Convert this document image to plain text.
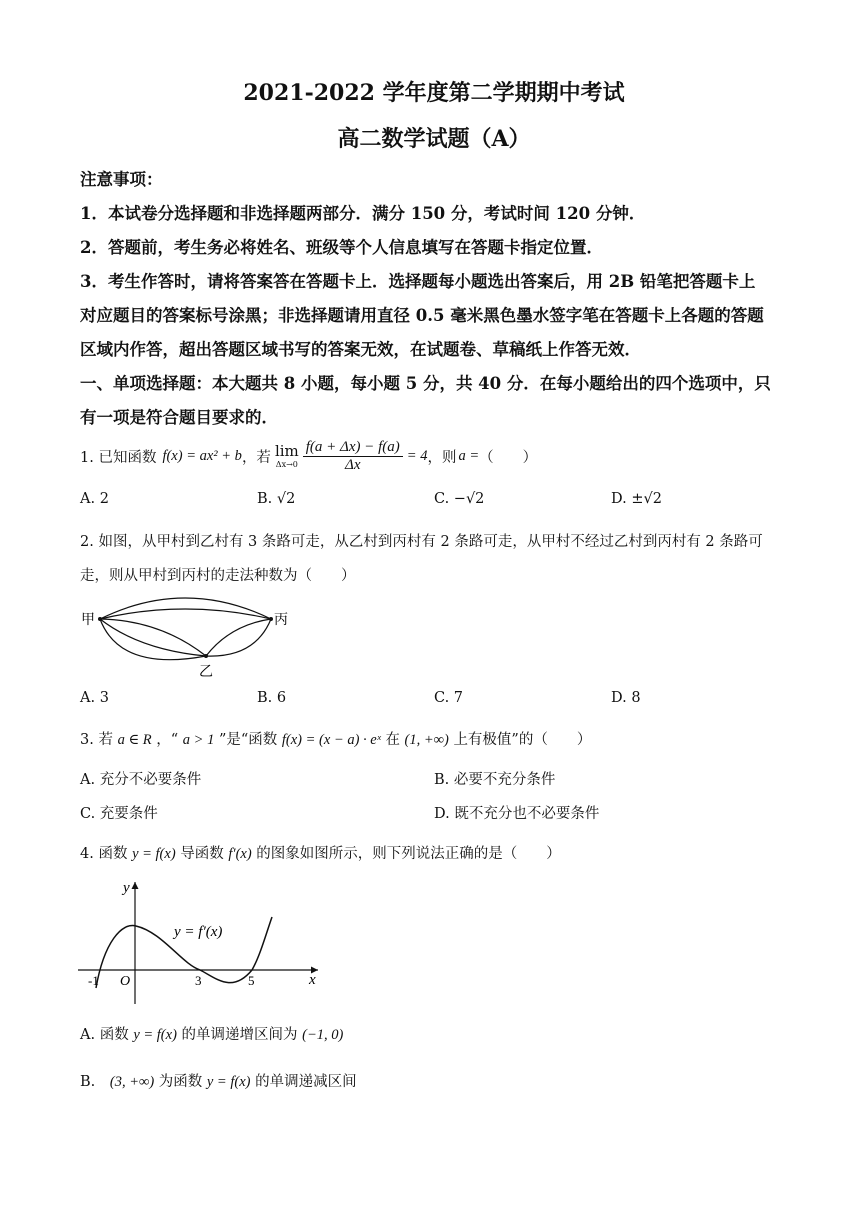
2021-2022 学年度第二学期期中考试
高二数学试题（A）
注意事项：
1．本试卷分选择题和非选择题两部分．满分 150 分，考试时间 120 分钟．
2．答题前，考生务必将姓名、班级等个人信息填写在答题卡指定位置．
3．考生作答时，请将答案答在答题卡上．选择题每小题选出答案后，用 2B 铅笔把答题卡上
对应题目的答案标号涂黑；非选择题请用直径 0.5 毫米黑色墨水签字笔在答题卡上各题的答题
区域内作答，超出答题区域书写的答案无效，在试题卷、草稿纸上作答无效．
一、单项选择题：本大题共 8 小题，每小题 5 分，共 40 分．在每小题给出的四个选项中，只
有一项是符合题目要求的．
1. 已知函数 f(x) = ax² + b ，若 lim
$\Delta x\to 0 \frac{f(a + \Delta x) - f(a)}{\Delta x} = 4$ ，则 a = （　　）
A. 2	B. √2	C. −√2	D. ±√2
2. 如图，从甲村到乙村有 3 条路可走，从乙村到丙村有 2 条路可走，从甲村不经过乙村到丙村有 2 条路可
走，则从甲村到丙村的走法种数为（　　）
甲	丙
乙
A. 3	B. 6	C. 7	D. 8
3. 若 a ∈ R ，“ a > 1 ”是“函数 f(x) = (x − a) · eˣ 在 (1, +∞) 上有极值”的（　　）
A. 充分不必要条件	B. 必要不充分条件
C. 充要条件	D. 既不充分也不必要条件
4. 函数 y = f(x) 导函数 f′(x) 的图象如图所示，则下列说法正确的是（　　）
y = f′(x)
y
x
O
-1	3	5
A. 函数 y = f(x) 的单调递增区间为 (−1, 0)
B. (3, +∞) 为函数 y = f(x) 的单调递减区间
